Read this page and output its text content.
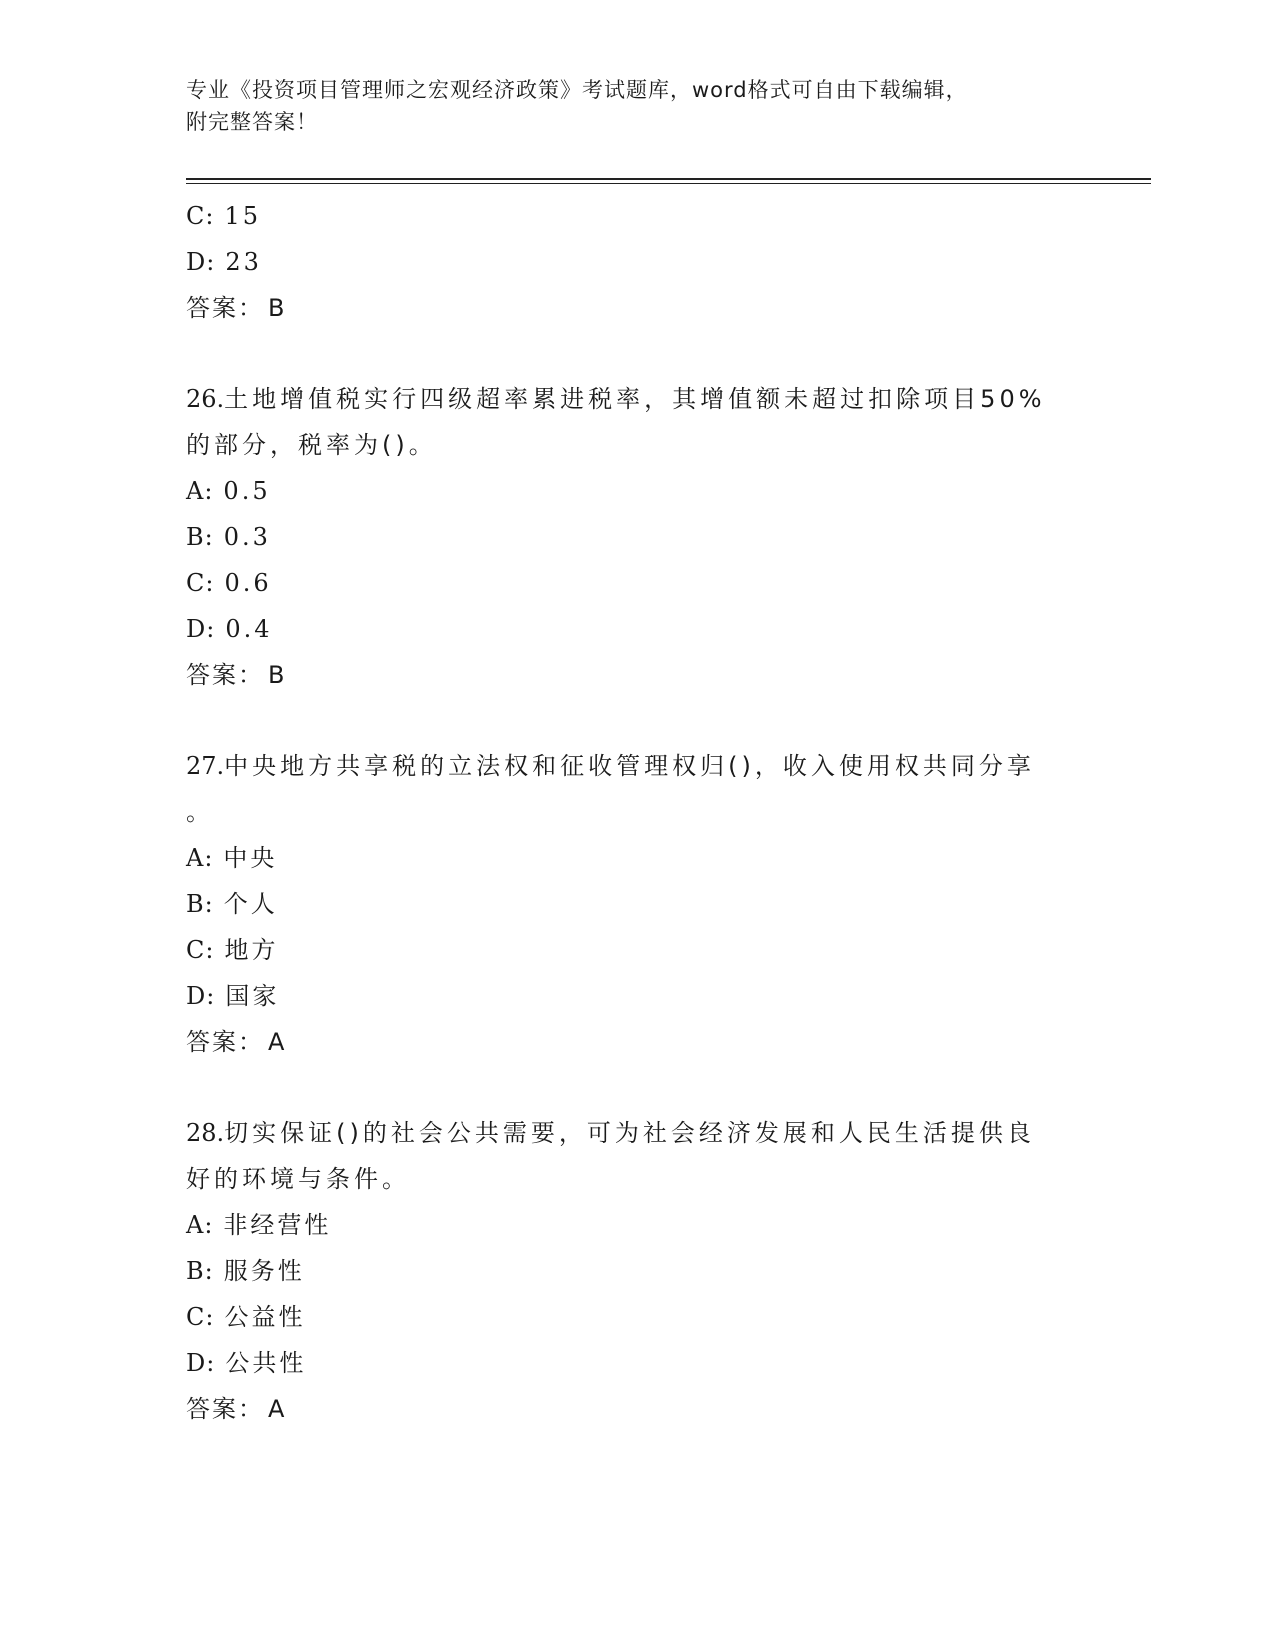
专业《投资项目管理师之宏观经济政策》考试题库，word格式可自由下载编辑，
附完整答案！
C: 15
D: 23
答案： B
26.土地增值税实行四级超率累进税率，其增值额未超过扣除项目50%
的部分，税率为()。
A: 0.5
B: 0.3
C: 0.6
D: 0.4
答案： B
27.中央地方共享税的立法权和征收管理权归()，收入使用权共同分享
。
A: 中央
B: 个人
C: 地方
D: 国家
答案： A
28.切实保证()的社会公共需要，可为社会经济发展和人民生活提供良
好的环境与条件。
A: 非经营性
B: 服务性
C: 公益性
D: 公共性
答案： A
